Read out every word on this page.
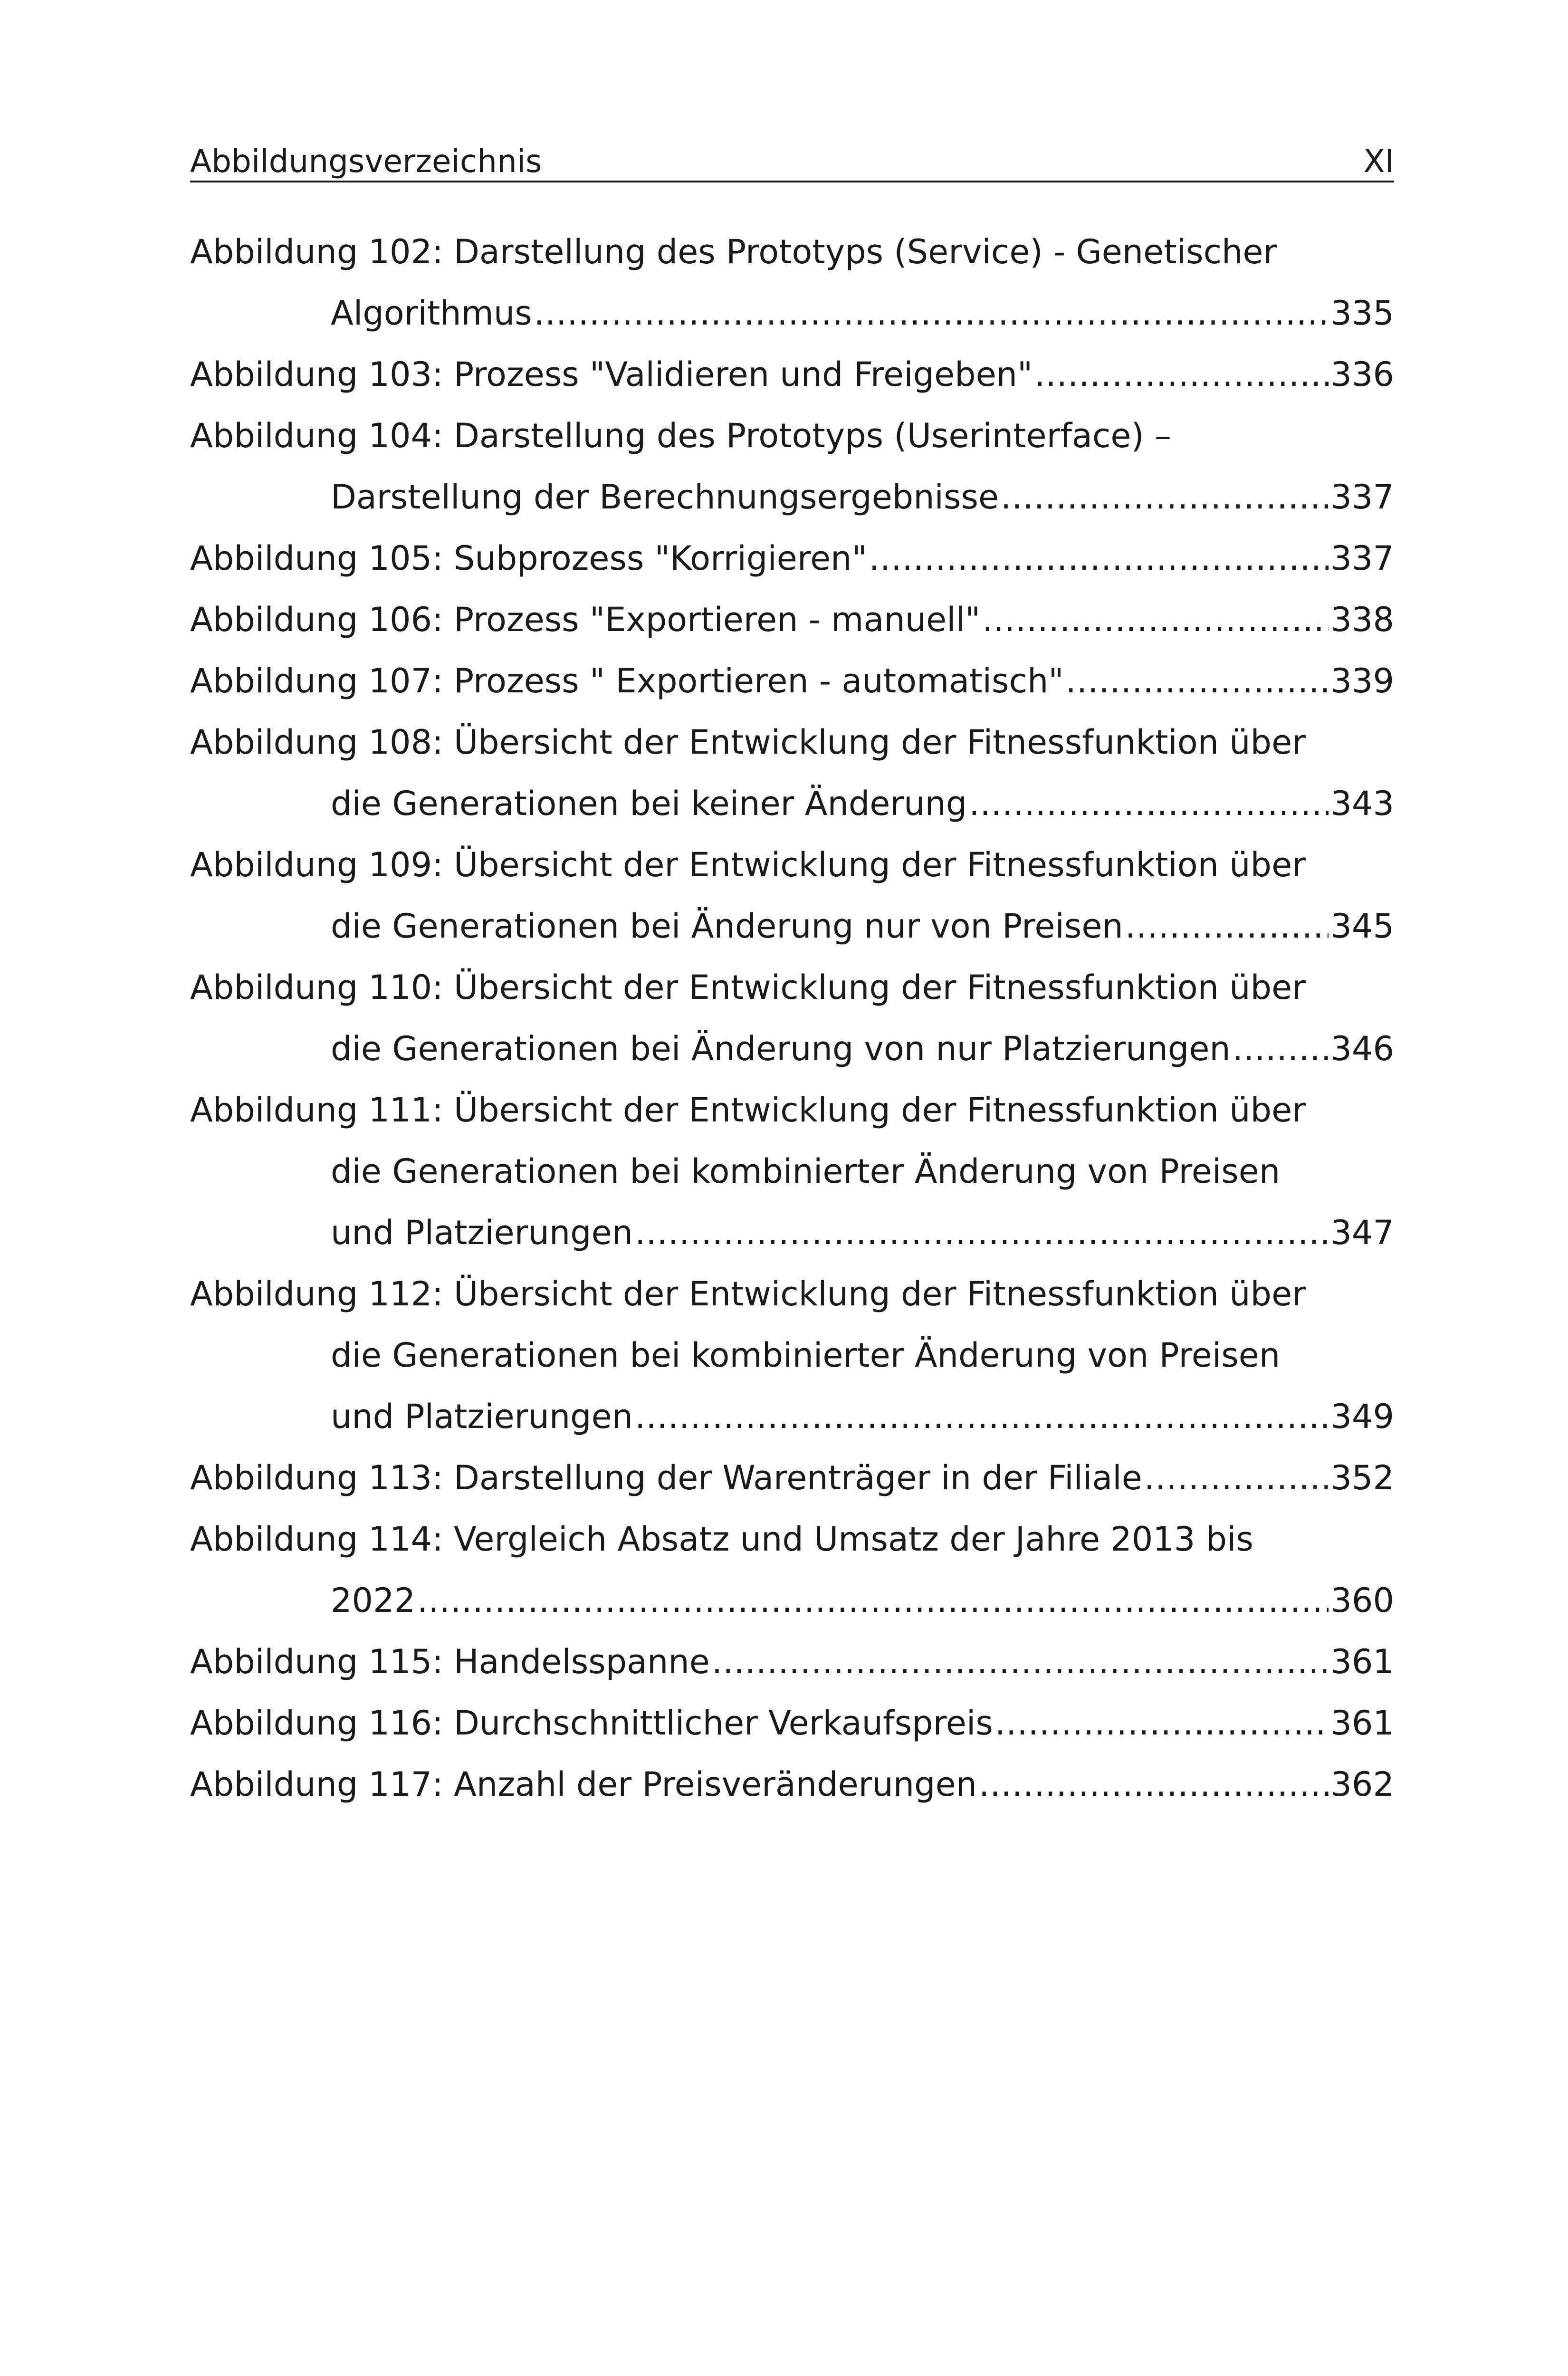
Abbildungsverzeichnis	XI
Abbildung 102: Darstellung des Prototyps (Service) - Genetischer
Algorithmus .....	335
Abbildung 103: Prozess "Validieren und Freigeben" .....	336
Abbildung 104: Darstellung des Prototyps (Userinterface) –
Darstellung der Berechnungsergebnisse .....	337
Abbildung 105: Subprozess "Korrigieren" .....	337
Abbildung 106: Prozess "Exportieren - manuell" .....	338
Abbildung 107: Prozess " Exportieren - automatisch" .....	339
Abbildung 108: Übersicht der Entwicklung der Fitnessfunktion über
die Generationen bei keiner Änderung .....	343
Abbildung 109: Übersicht der Entwicklung der Fitnessfunktion über
die Generationen bei Änderung nur von Preisen .....	345
Abbildung 110: Übersicht der Entwicklung der Fitnessfunktion über
die Generationen bei Änderung von nur Platzierungen .....	346
Abbildung 111: Übersicht der Entwicklung der Fitnessfunktion über
die Generationen bei kombinierter Änderung von Preisen
und Platzierungen .....	347
Abbildung 112: Übersicht der Entwicklung der Fitnessfunktion über
die Generationen bei kombinierter Änderung von Preisen
und Platzierungen .....	349
Abbildung 113: Darstellung der Warenträger in der Filiale .....	352
Abbildung 114: Vergleich Absatz und Umsatz der Jahre 2013 bis
2022 .....	360
Abbildung 115: Handelsspanne .....	361
Abbildung 116: Durchschnittlicher Verkaufspreis .....	361
Abbildung 117: Anzahl der Preisveränderungen .....	362
